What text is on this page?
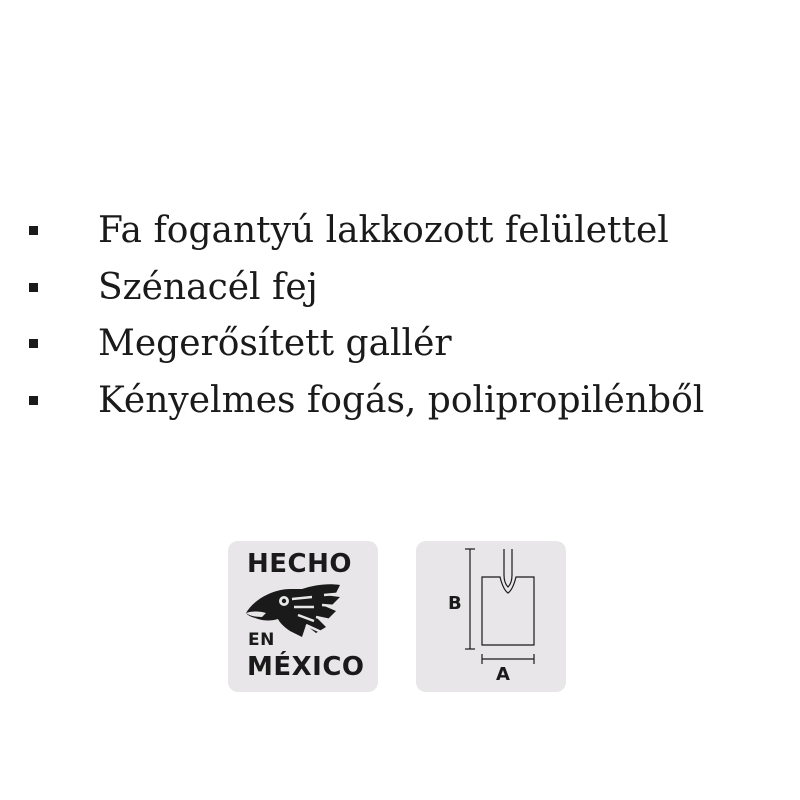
Fa fogantyú lakkozott felülettel
Szénacél fej
Megerősített gallér
Kényelmes fogás, polipropilénből
HECHO
EN
MÉXICO
B
A
